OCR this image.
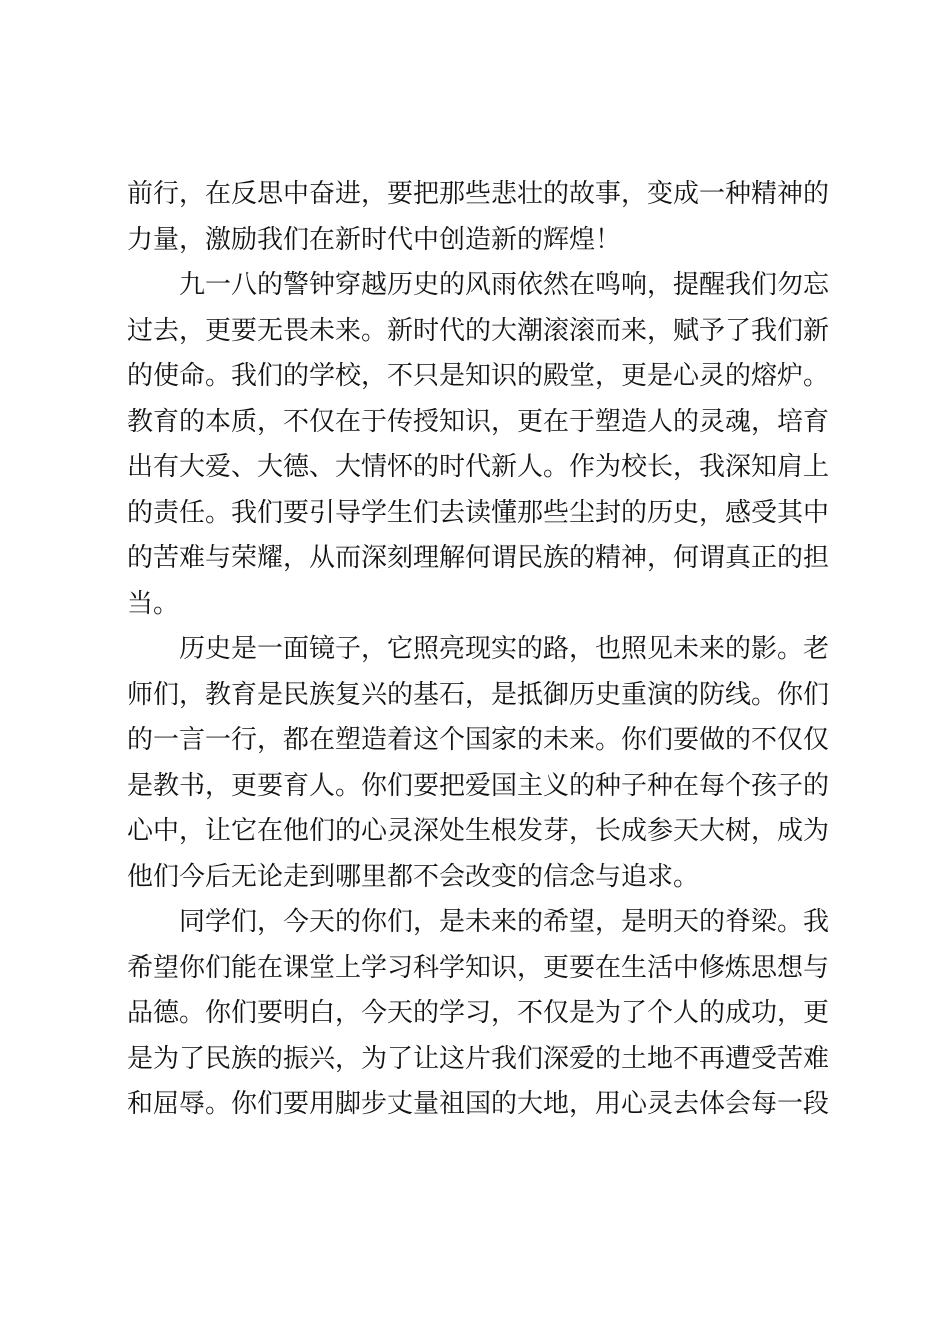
前行，在反思中奋进，要把那些悲壮的故事，变成一种精神的
力量，激励我们在新时代中创造新的辉煌！
九一八的警钟穿越历史的风雨依然在鸣响，提醒我们勿忘
过去，更要无畏未来。新时代的大潮滚滚而来，赋予了我们新
的使命。我们的学校，不只是知识的殿堂，更是心灵的熔炉。
教育的本质，不仅在于传授知识，更在于塑造人的灵魂，培育
出有大爱、大德、大情怀的时代新人。作为校长，我深知肩上
的责任。我们要引导学生们去读懂那些尘封的历史，感受其中
的苦难与荣耀，从而深刻理解何谓民族的精神，何谓真正的担
当。
历史是一面镜子，它照亮现实的路，也照见未来的影。老
师们，教育是民族复兴的基石，是抵御历史重演的防线。你们
的一言一行，都在塑造着这个国家的未来。你们要做的不仅仅
是教书，更要育人。你们要把爱国主义的种子种在每个孩子的
心中，让它在他们的心灵深处生根发芽，长成参天大树，成为
他们今后无论走到哪里都不会改变的信念与追求。
同学们，今天的你们，是未来的希望，是明天的脊梁。我
希望你们能在课堂上学习科学知识，更要在生活中修炼思想与
品德。你们要明白，今天的学习，不仅是为了个人的成功，更
是为了民族的振兴，为了让这片我们深爱的土地不再遭受苦难
和屈辱。你们要用脚步丈量祖国的大地，用心灵去体会每一段
